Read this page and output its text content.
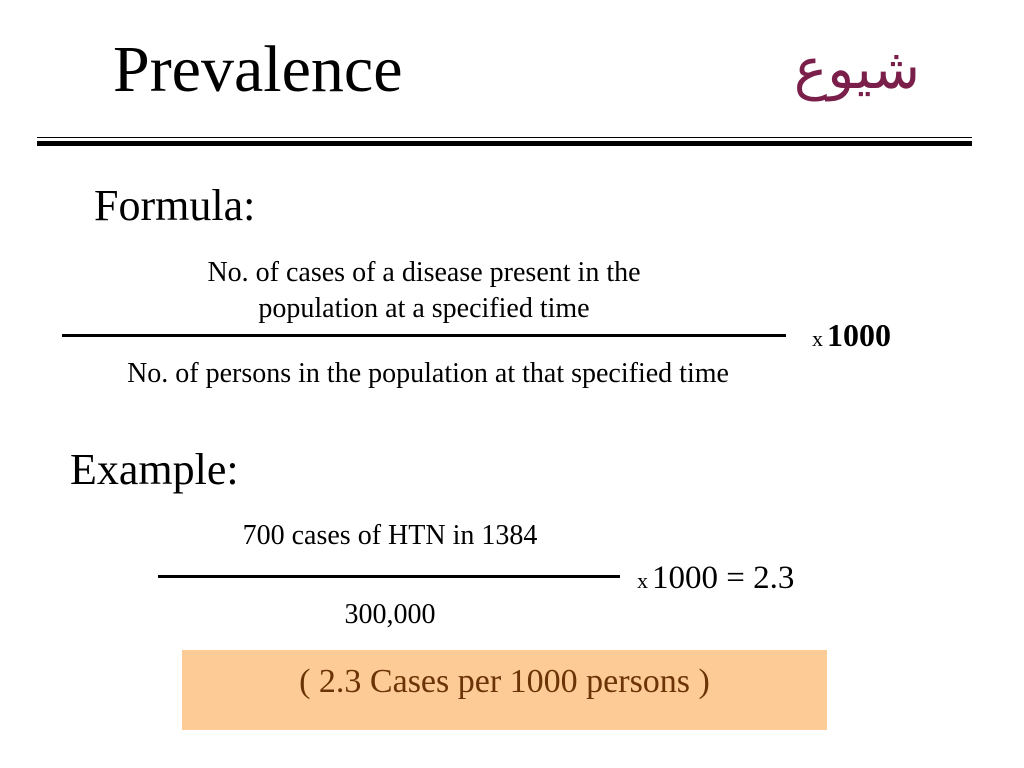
Prevalence	شيوع
Formula:
No. of cases of a disease present in the
population at a specified time
No. of persons in the population at that specified time
x 1000
Example:
700 cases of HTN in 1384
300,000
x 1000 = 2.3
( 2.3 Cases per 1000 persons )
